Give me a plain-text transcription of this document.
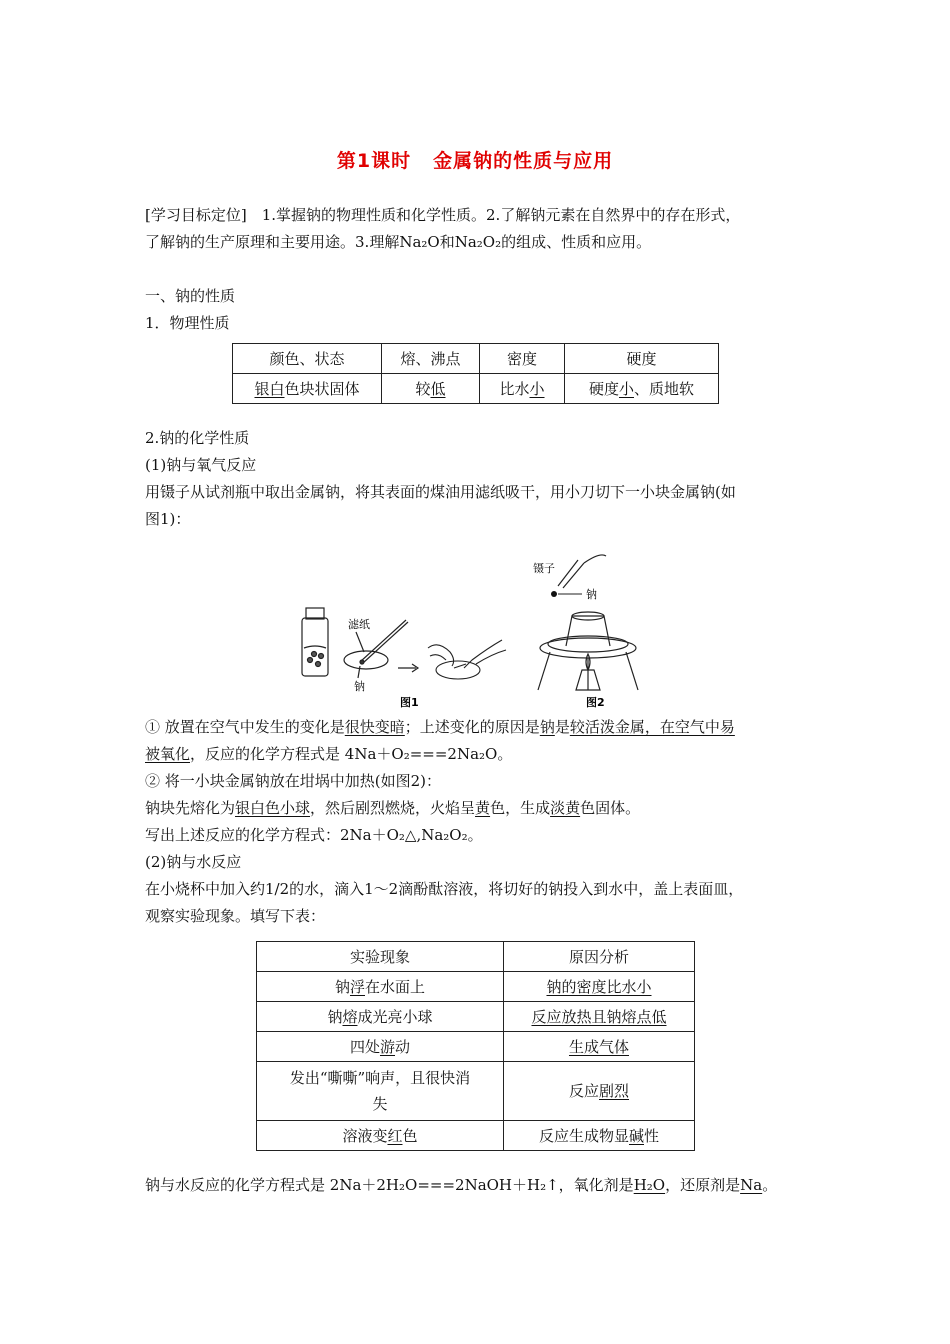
第1课时 金属钠的性质与应用
[学习目标定位]　1.掌握钠的物理性质和化学性质。2.了解钠元素在自然界中的存在形式，
了解钠的生产原理和主要用途。3.理解Na₂O和Na₂O₂的组成、性质和应用。
一、钠的性质
1．物理性质
颜色、状态	熔、沸点	密度	硬度
银白色块状固体	较低	比水小	硬度小、质地软
2.钠的化学性质
(1)钠与氧气反应
用镊子从试剂瓶中取出金属钠，将其表面的煤油用滤纸吸干，用小刀切下一小块金属钠(如
图1)：
滤纸
钠
图1
镊子
钠
图2
① 放置在空气中发生的变化是很快变暗；上述变化的原因是钠是较活泼金属，在空气中易
被氧化，反应的化学方程式是 4Na＋O₂===2Na₂O。
② 将一小块金属钠放在坩埚中加热(如图2)：
钠块先熔化为银白色小球，然后剧烈燃烧，火焰呈黄色，生成淡黄色固体。
写出上述反应的化学方程式：2Na＋O₂△,Na₂O₂。
(2)钠与水反应
在小烧杯中加入约1/2的水，滴入1～2滴酚酞溶液，将切好的钠投入到水中，盖上表面皿，
观察实验现象。填写下表：
实验现象	原因分析
钠浮在水面上	钠的密度比水小
钠熔成光亮小球	反应放热且钠熔点低
四处游动	生成气体
发出“嘶嘶”响声，且很快消
失	反应剧烈
溶液变红色	反应生成物显碱性
钠与水反应的化学方程式是 2Na＋2H₂O===2NaOH＋H₂↑，氧化剂是H₂O，还原剂是Na。
